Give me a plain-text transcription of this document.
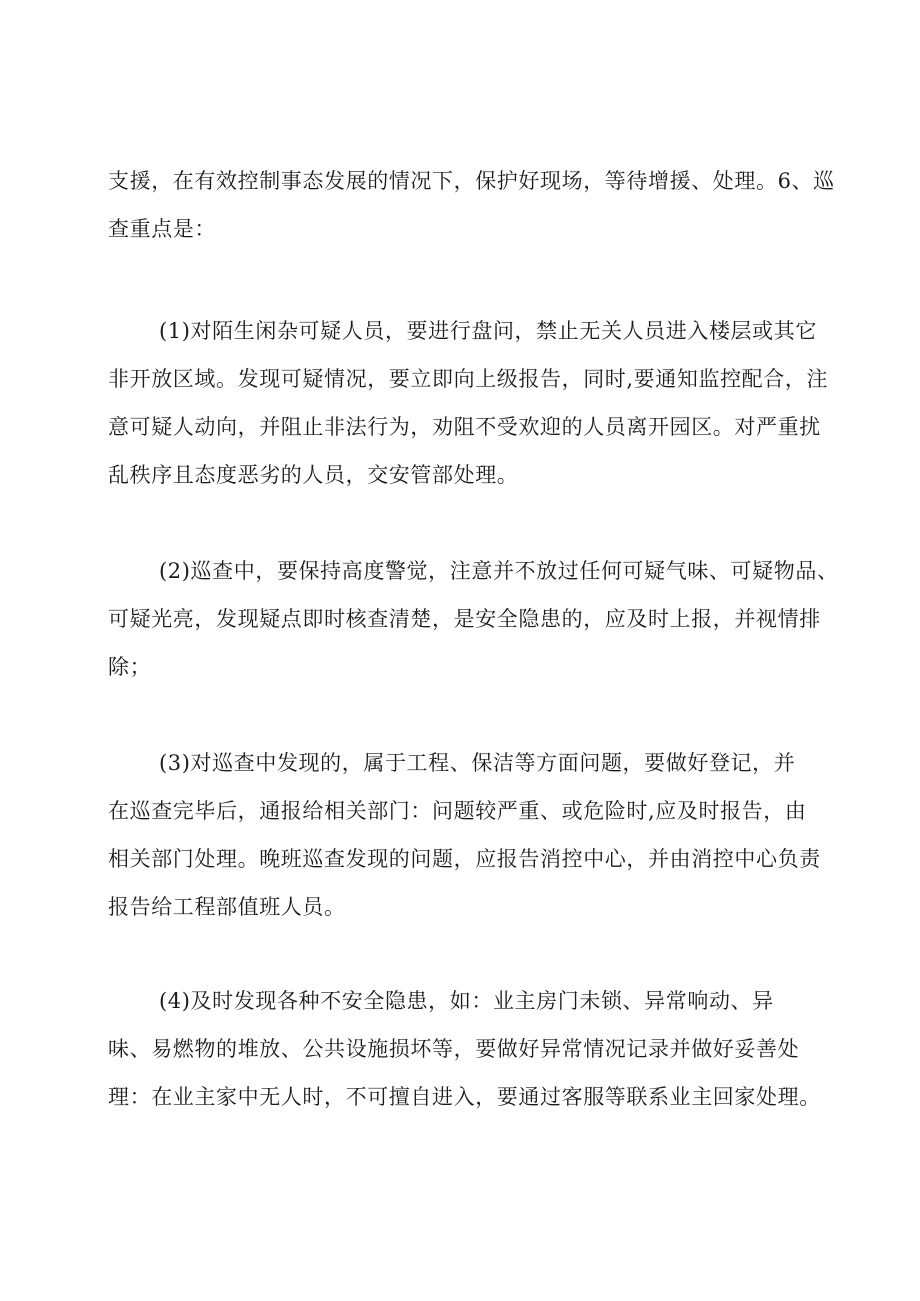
支援，在有效控制事态发展的情况下，保护好现场，等待增援、处理。6、巡

查重点是：

(1)对陌生闲杂可疑人员，要进行盘问，禁止无关人员进入楼层或其它

非开放区域。发现可疑情况，要立即向上级报告，同时,要通知监控配合，注

意可疑人动向，并阻止非法行为，劝阻不受欢迎的人员离开园区。对严重扰

乱秩序且态度恶劣的人员，交安管部处理。

(2)巡查中，要保持高度警觉，注意并不放过任何可疑气味、可疑物品、

可疑光亮，发现疑点即时核查清楚，是安全隐患的，应及时上报，并视情排

除；

(3)对巡查中发现的，属于工程、保洁等方面问题，要做好登记，并

在巡查完毕后，通报给相关部门：问题较严重、或危险时,应及时报告，由

相关部门处理。晚班巡查发现的问题，应报告消控中心，并由消控中心负责

报告给工程部值班人员。

(4)及时发现各种不安全隐患，如：业主房门未锁、异常响动、异

味、易燃物的堆放、公共设施损坏等，要做好异常情况记录并做好妥善处

理：在业主家中无人时，不可擅自进入，要通过客服等联系业主回家处理。
